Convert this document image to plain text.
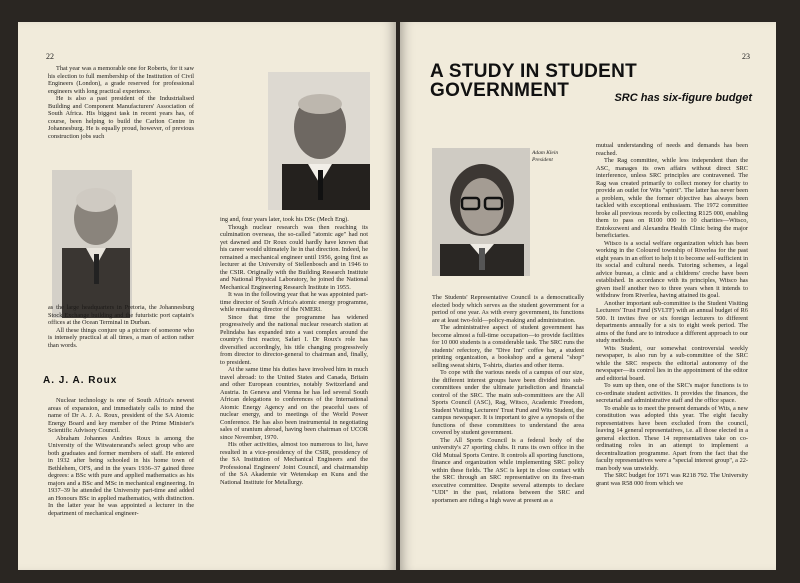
22

That year was a memorable one for Roberts, for it saw his election to full membership of the Institution of Civil Engineers (London), a grade reserved for professional engineers with long practical experience.

He is also a past president of the Industrialised Building and Component Manufacturers' Association of South Africa. His biggest task in recent years has, of course, been helping to build the Carlton Centre in Johannesburg. He is equally proud, however, of previous construction jobs such

as the large headquarters in Pretoria, the Johannesburg Stock Exchange building and the futuristic port captain's offices at the Ocean Terminal in Durban.

All these things conjure up a picture of someone who is intensely practical at all times, a man of action rather than words.

A. J. A. Roux

Nuclear technology is one of South Africa's newest areas of expansion, and immediately calls to mind the name of Dr A. J. A. Roux, president of the SA Atomic Energy Board and key member of the Prime Minister's Scientific Advisory Council.

Abraham Johannes Andries Roux is among the University of the Witwatersrand's select group who are both graduates and former members of staff. He entered in 1932 after being schooled in his home town of Bethlehem, OFS, and in the years 1936–37 gained three degrees: a BSc with pure and applied mathematics as his majors and a BSc and MSc in mechanical engineering. In 1937–39 he attended the University part-time and added an Honours BSc in applied mathematics, with distinction. In the latter year he was appointed a lecturer in the department of mechanical engineer-

ing and, four years later, took his DSc (Mech Eng).

Though nuclear research was then reaching its culmination overseas, the so-called "atomic age" had not yet dawned and Dr Roux could hardly have known that his career would ultimately lie in that direction. Indeed, he remained a mechanical engineer until 1956, going first as lecturer at the University of Stellenbosch and in 1946 to the CSIR. Originally with the Building Research Institute and National Physical Laboratory, he joined the National Mechanical Engineering Research Institute in 1955.

It was in the following year that he was appointed part-time director of South Africa's atomic energy programme, while remaining director of the NMERI.

Since that time the programme has widened progressively and the national nuclear research station at Pelindaba has expanded into a vast complex around the country's first reactor, Safari I. Dr Roux's role has diversified accordingly, his title changing progressively from director to director-general to chairman and, finally, to president.

At the same time his duties have involved him in much travel abroad: to the United States and Canada, Britain and other European countries, notably Switzerland and Austria. In Geneva and Vienna he has led several South African delegations to conferences of the International Atomic Energy Agency and on the peaceful uses of nuclear energy, and to meetings of the World Power Conference. He has also been instrumental in negotiating sales of uranium abroad, having been chairman of UCOR since November, 1970.

His other activities, almost too numerous to list, have resulted in a vice-presidency of the CSIR, presidency of the SA Institution of Mechanical Engineers and the Professional Engineers' Joint Council, and chairmanship of the SA Akademie vir Wetenskap en Kuns and the National Institute for Metallurgy.

23
A STUDY IN STUDENT
GOVERNMENT	SRC has six-figure budget
Adam Klein
President

The Students' Representative Council is a democratically elected body which serves as the student government for a period of one year. As with every government, its functions are at least two-fold—policy-making and administration.

The administrative aspect of student government has become almost a full-time occupation—to provide facilities for 10 000 students is a considerable task. The SRC runs the students' refectory, the "Dive Inn" coffee bar, a student printing organization, a bookshop and a general "shop" selling sweat shirts, T-shirts, diaries and other items.

To cope with the various needs of a campus of our size, the different interest groups have been divided into sub-committees under the ultimate jurisdiction and financial control of the SRC. The main sub-committees are the All Sports Council (ASC), Rag, Witsco, Academic Freedom, Student Visiting Lecturers' Trust Fund and Wits Student, the campus newspaper. It is important to give a synopsis of the functions of these committees to understand the area covered by student government.

The All Sports Council is a federal body of the university's 27 sporting clubs. It runs its own office in the Old Mutual Sports Centre. It controls all sporting functions, finance and organization while implementing SRC policy within these fields. The ASC is kept in close contact with the SRC through an SRC representative on its five-man executive committee. Despite several attempts to declare "UDI" in the past, relations between the SRC and sportsmen are riding a high wave at present as a

mutual understanding of needs and demands has been reached.

The Rag committee, while less independent than the ASC, manages its own affairs without direct SRC interference, unless SRC principles are contravened. The Rag was created primarily to collect money for charity to provide an outlet for Wits "spirit". The latter has never been a problem, while the former objective has always been tackled with exceptional enthusiasm. The 1972 committee broke all previous records by collecting R125 000, enabling them to pass on R100 000 to 10 charities—Witsco, Entokozweni and Alexandra Health Clinic being the major beneficiaries.

Witsco is a social welfare organization which has been working in the Coloured township of Riverlea for the past eight years in an effort to help it to become self-sufficient in its social and cultural needs. Tutoring schemes, a legal advice bureau, a clinic and a childrens' creche have been established. In accordance with its principles, Witsco has given itself another two to three years when it intends to withdraw from Riverlea, having attained its goal.

Another important sub-committee is the Student Visiting Lecturers' Trust Fund (SVLTF) with an annual budget of R6 500. It invites five or six foreign lecturers to different departments annually for a six to eight week period. The aims of the fund are to introduce a different approach to our study methods.

Wits Student, our somewhat controversial weekly newspaper, is also run by a sub-committee of the SRC while the SRC respects the editorial autonomy of the newspaper—its control lies in the appointment of the editor and editorial board.

To sum up then, one of the SRC's major functions is to co-ordinate student activities. It provides the finances, the secretarial and administrative staff and the office space.

To enable us to meet the present demands of Wits, a new constitution was adopted this year. The eight faculty representatives have been excluded from the council, leaving 14 general representatives, i.e. all those elected in a general election. These 14 representatives take on co-ordinating roles in an attempt to implement a decentralization programme. Apart from the fact that the faculty representatives were a "special interest group", a 22-man body was unwieldy.

The SRC budget for 1971 was R218 792. The University grant was R58 000 from which we
